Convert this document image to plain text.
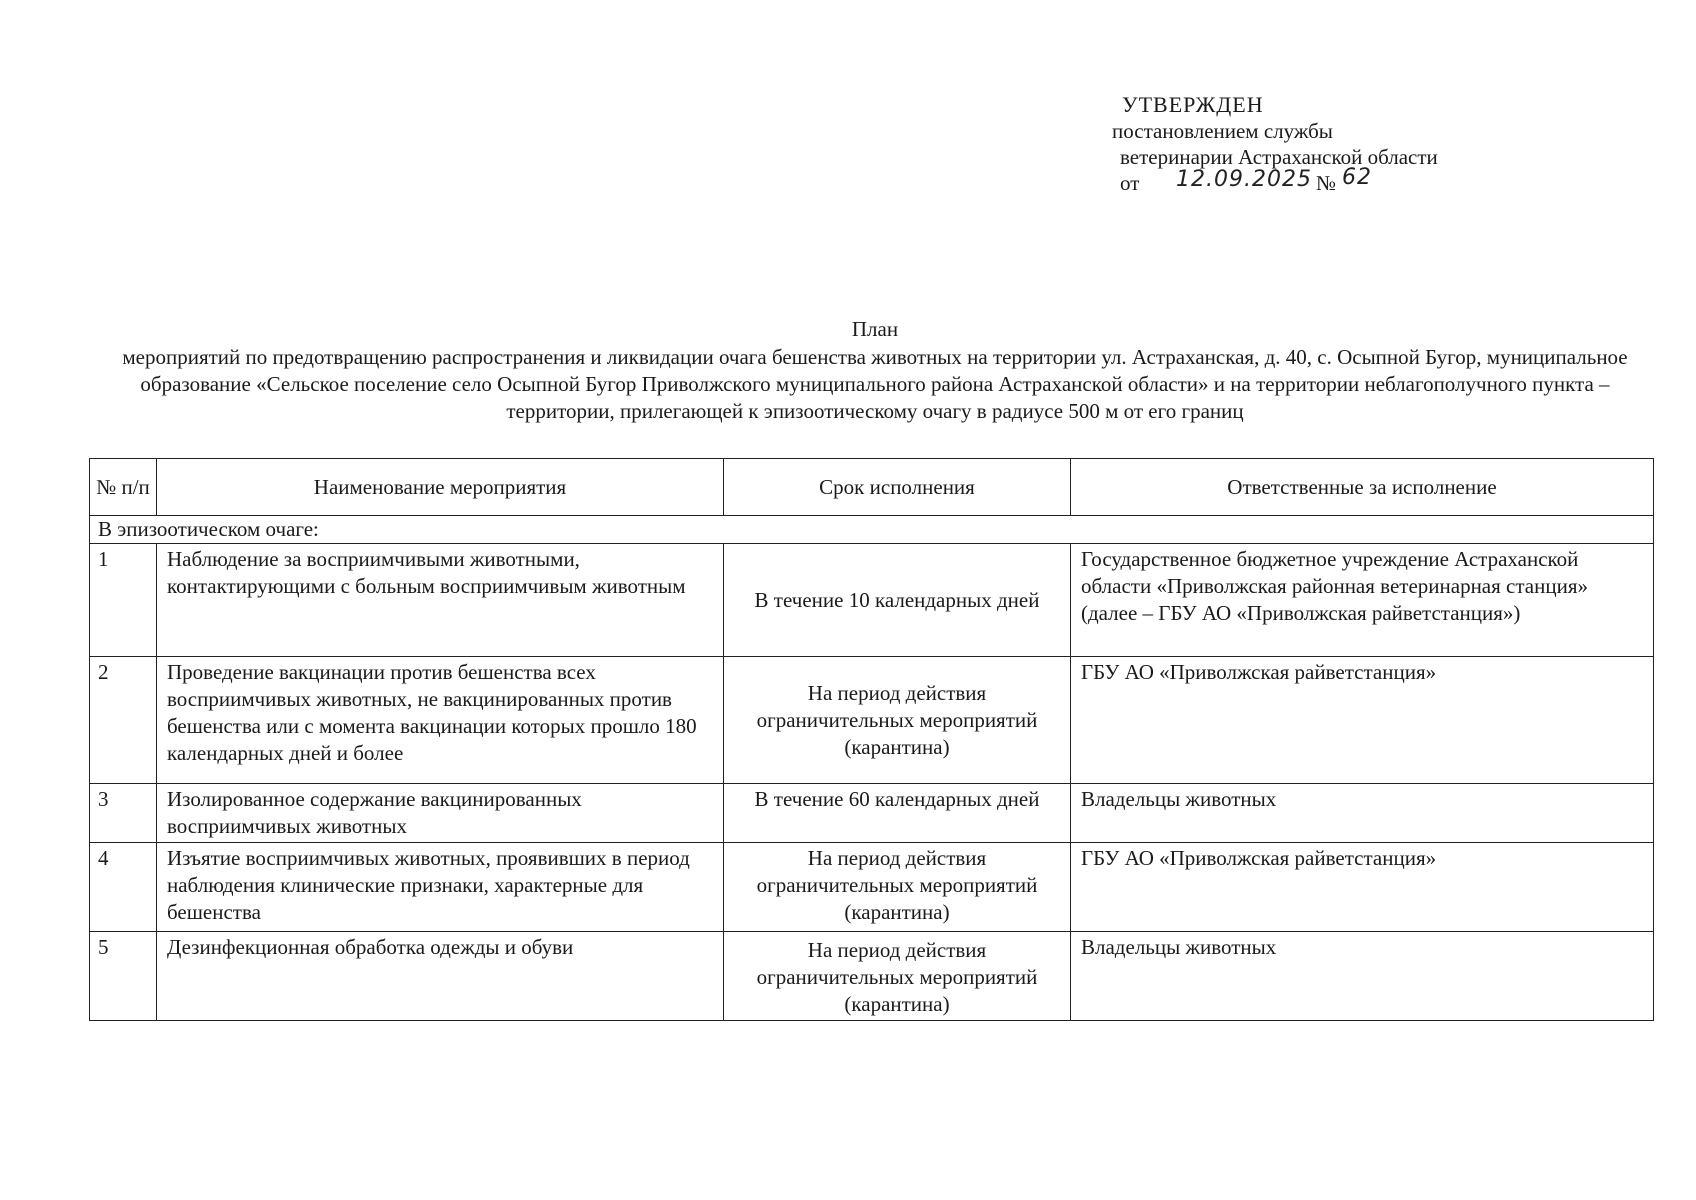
УТВЕРЖДЕН
постановлением службы
ветеринарии Астраханской области
от 12.09.2025 № 62
План
мероприятий по предотвращению распространения и ликвидации очага бешенства животных на территории ул. Астраханская, д. 40, с. Осыпной Бугор, муниципальное образование «Сельское поселение село Осыпной Бугор Приволжского муниципального района Астраханской области» и на территории неблагополучного пункта – территории, прилегающей к эпизоотическому очагу в радиусе 500 м от его границ
№ п/п	Наименование мероприятия	Срок исполнения	Ответственные за исполнение
В эпизоотическом очаге:			
1	Наблюдение за восприимчивыми животными, контактирующими с больным восприимчивым животным	В течение 10 календарных дней	Государственное бюджетное учреждение Астраханской области «Приволжская районная ветеринарная станция» (далее – ГБУ АО «Приволжская райветстанция»)
2	Проведение вакцинации против бешенства всех восприимчивых животных, не вакцинированных против бешенства или с момента вакцинации которых прошло 180 календарных дней и более	На период действия ограничительных мероприятий (карантина)	ГБУ АО «Приволжская райветстанция»
3	Изолированное содержание вакцинированных восприимчивых животных	В течение 60 календарных дней	Владельцы животных
4	Изъятие восприимчивых животных, проявивших в период наблюдения клинические признаки, характерные для бешенства	На период действия ограничительных мероприятий (карантина)	ГБУ АО «Приволжская райветстанция»
5	Дезинфекционная обработка одежды и обуви	На период действия ограничительных мероприятий (карантина)	Владельцы животных
